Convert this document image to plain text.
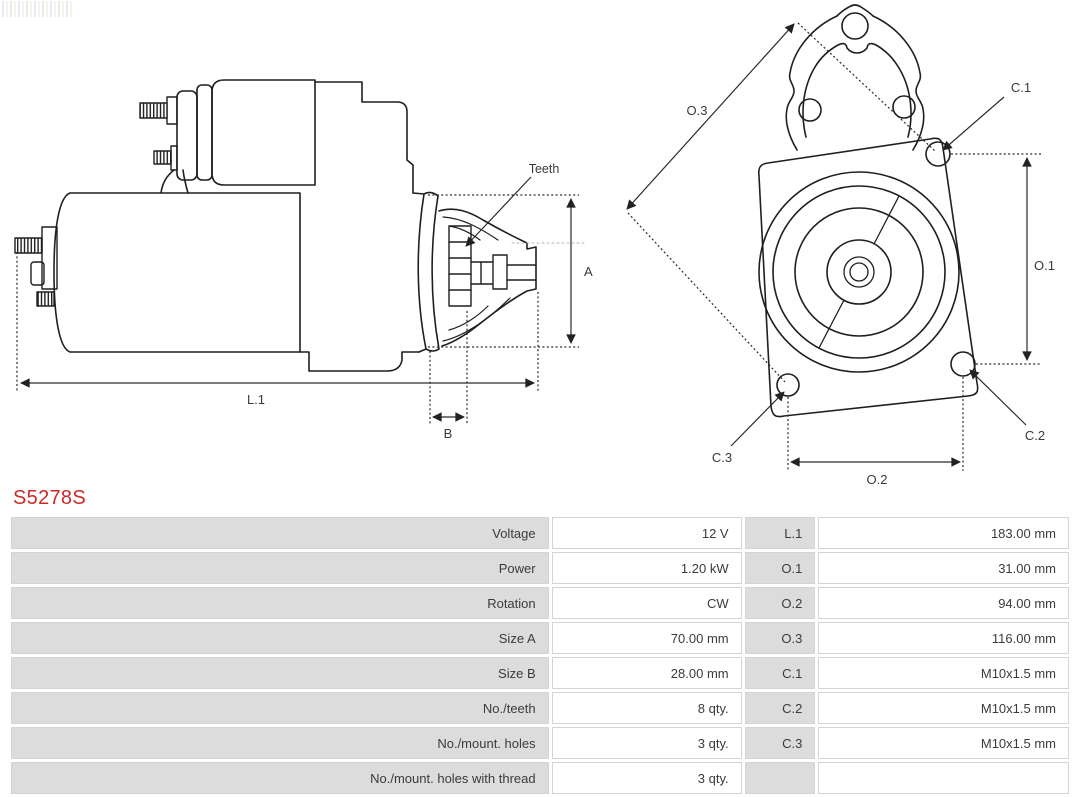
L.1
A
B
Teeth
O.3
O.1
O.2
C.1
C.2
C.3
S5278S
Voltage	12 V	L.1	183.00 mm
Power	1.20 kW	O.1	31.00 mm
Rotation	CW	O.2	94.00 mm
Size A	70.00 mm	O.3	116.00 mm
Size B	28.00 mm	C.1	M10x1.5 mm
No./teeth	8 qty.	C.2	M10x1.5 mm
No./mount. holes	3 qty.	C.3	M10x1.5 mm
No./mount. holes with thread	3 qty.		
